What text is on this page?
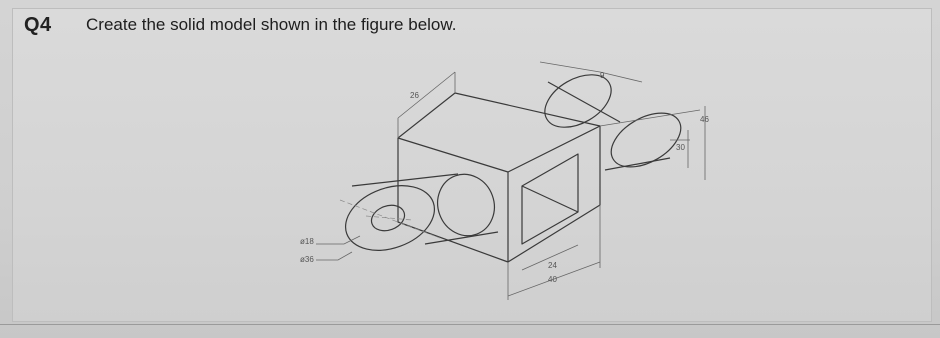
Q4 Create the solid model shown in the figure below.
26
9
46
30
24
40
ø18
ø36
